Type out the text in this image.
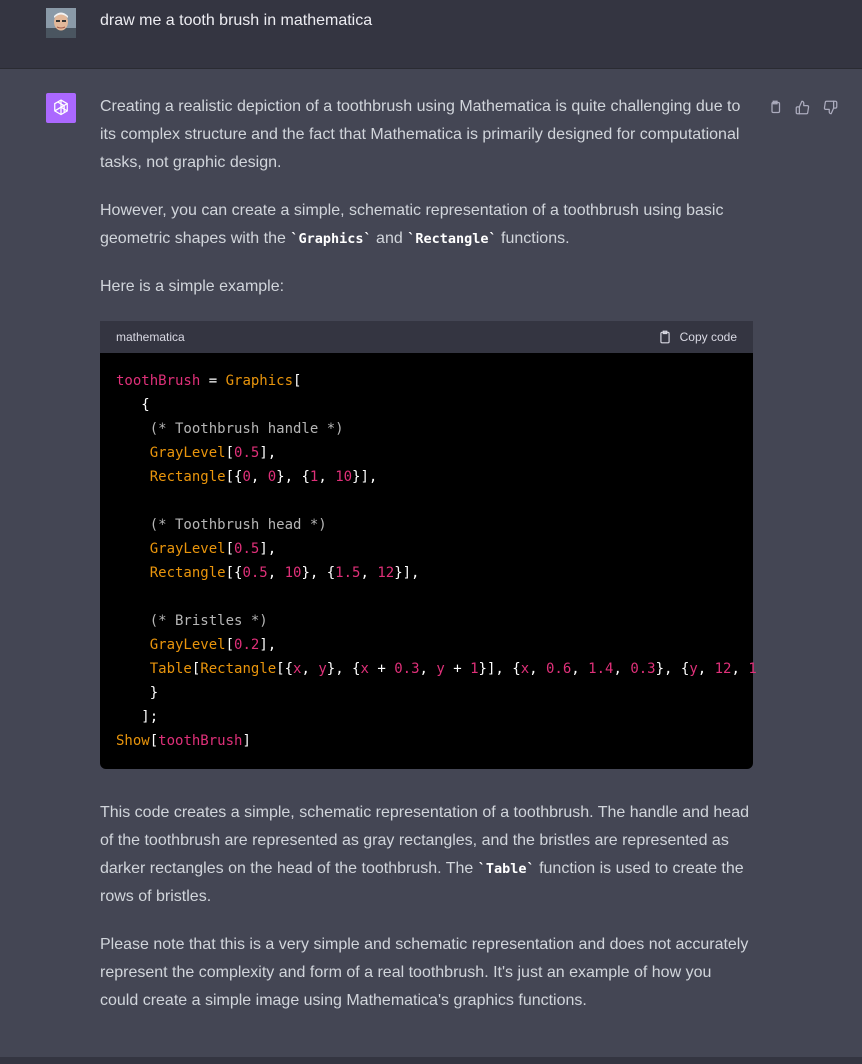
draw me a tooth brush in mathematica

Creating a realistic depiction of a toothbrush using Mathematica is quite challenging due to its complex structure and the fact that Mathematica is primarily designed for computational tasks, not graphic design.

However, you can create a simple, schematic representation of a toothbrush using basic geometric shapes with the `Graphics` and `Rectangle` functions.

Here is a simple example:

mathematica	Copy code
toothBrush = Graphics[
{
(* Toothbrush handle *)
GrayLevel[0.5],
Rectangle[{0, 0}, {1, 10}],
(* Toothbrush head *)
GrayLevel[0.5],
Rectangle[{0.5, 10}, {1.5, 12}],
(* Bristles *)
GrayLevel[0.2],
Table[Rectangle[{x, y}, {x + 0.3, y + 1}], {x, 0.6, 1.4, 0.3}, {y, 12, 1
}
];
Show[toothBrush]

This code creates a simple, schematic representation of a toothbrush. The handle and head of the toothbrush are represented as gray rectangles, and the bristles are represented as darker rectangles on the head of the toothbrush. The `Table` function is used to create the rows of bristles.

Please note that this is a very simple and schematic representation and does not accurately represent the complexity and form of a real toothbrush. It's just an example of how you could create a simple image using Mathematica's graphics functions.
